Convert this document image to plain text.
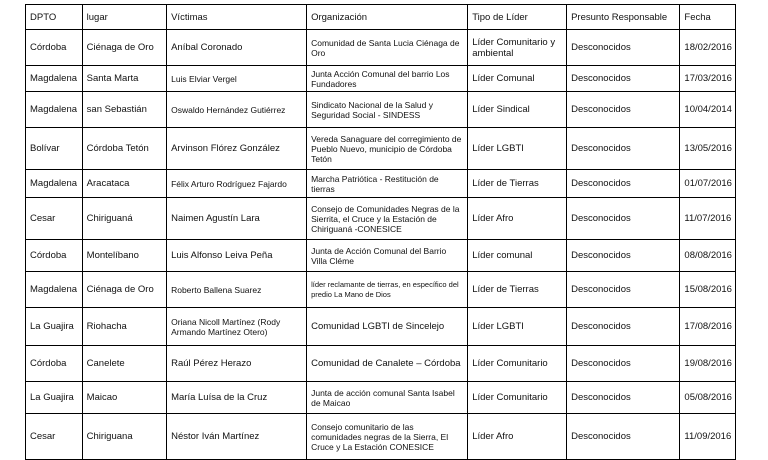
DPTO	lugar	Víctimas	Organización	Tipo de Líder	Presunto Responsable	Fecha
Córdoba	Ciénaga de Oro	Aníbal Coronado	Comunidad de Santa Lucia Ciénaga de Oro	Líder Comunitario y ambiental	Desconocidos	18/02/2016
Magdalena	Santa Marta	Luis Elviar Vergel	Junta Acción Comunal del barrio Los Fundadores	Líder Comunal	Desconocidos	17/03/2016
Magdalena	san Sebastián	Oswaldo Hernández Gutiérrez	Sindicato Nacional de la Salud y Seguridad Social - SINDESS	Líder Sindical	Desconocidos	10/04/2014
Bolívar	Córdoba Tetón	Arvinson Flórez González	Vereda Sanaguare del corregimiento de Pueblo Nuevo, municipio de Córdoba Tetón	Líder LGBTI	Desconocidos	13/05/2016
Magdalena	Aracataca	Félix Arturo Rodríguez Fajardo	Marcha Patriótica - Restitución de tierras	Líder de Tierras	Desconocidos	01/07/2016
Cesar	Chiriguaná	Naimen Agustín Lara	Consejo de Comunidades Negras de la Sierrita, el Cruce y la Estación de Chiriguaná -CONESICE	Líder Afro	Desconocidos	11/07/2016
Córdoba	Montelíbano	Luis Alfonso Leiva Peña	Junta de Acción Comunal del Barrio Villa Cléme	Líder comunal	Desconocidos	08/08/2016
Magdalena	Ciénaga de Oro	Roberto Ballena Suarez	líder reclamante de tierras, en específico del predio La Mano de Dios	Líder de Tierras	Desconocidos	15/08/2016
La Guajira	Riohacha	Oriana Nicoll Martínez (Rody Armando Martínez Otero)	Comunidad LGBTI de Sincelejo	Líder LGBTI	Desconocidos	17/08/2016
Córdoba	Canelete	Raúl Pérez Herazo	Comunidad de Canalete – Córdoba	Líder Comunitario	Desconocidos	19/08/2016
La Guajira	Maicao	María Luísa de la Cruz	Junta de acción comunal Santa Isabel de Maicao	Líder Comunitario	Desconocidos	05/08/2016
Cesar	Chiriguana	Néstor Iván Martínez	Consejo comunitario de las comunidades negras de la Sierra, El Cruce y La Estación CONESICE	Líder Afro	Desconocidos	11/09/2016
